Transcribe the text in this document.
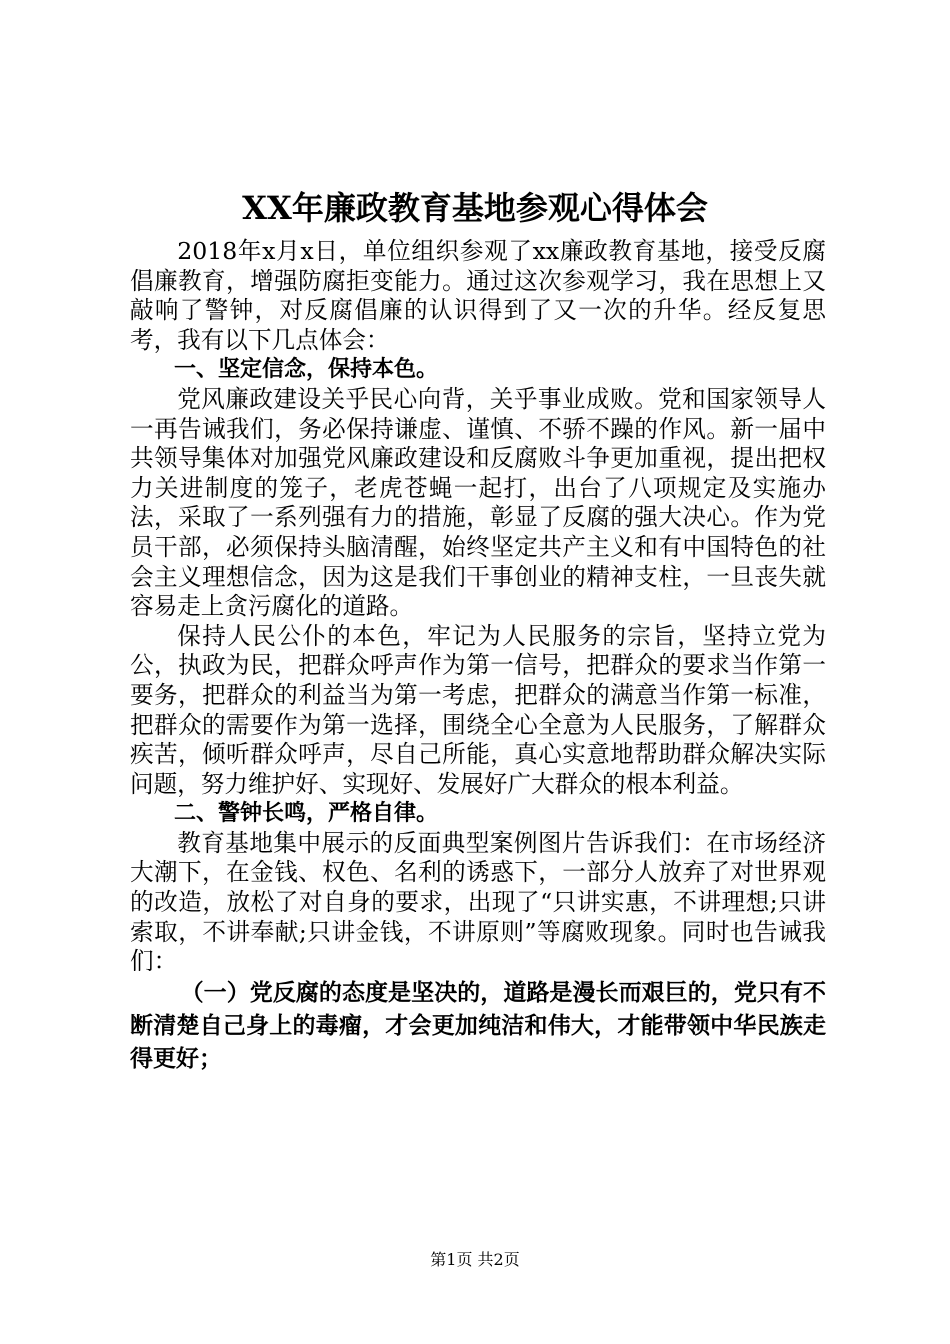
XX年廉政教育基地参观心得体会

2018年x月x日，单位组织参观了xx廉政教育基地，接受反腐倡廉教育，增强防腐拒变能力。通过这次参观学习，我在思想上又敲响了警钟，对反腐倡廉的认识得到了又一次的升华。经反复思考，我有以下几点体会：

一、坚定信念，保持本色。

党风廉政建设关乎民心向背，关乎事业成败。党和国家领导人一再告诫我们，务必保持谦虚、谨慎、不骄不躁的作风。新一届中共领导集体对加强党风廉政建设和反腐败斗争更加重视，提出把权力关进制度的笼子，老虎苍蝇一起打，出台了八项规定及实施办法，采取了一系列强有力的措施，彰显了反腐的强大决心。作为党员干部，必须保持头脑清醒，始终坚定共产主义和有中国特色的社会主义理想信念，因为这是我们干事创业的精神支柱，一旦丧失就容易走上贪污腐化的道路。

保持人民公仆的本色，牢记为人民服务的宗旨，坚持立党为公，执政为民，把群众呼声作为第一信号，把群众的要求当作第一要务，把群众的利益当为第一考虑，把群众的满意当作第一标准，把群众的需要作为第一选择，围绕全心全意为人民服务，了解群众疾苦，倾听群众呼声，尽自己所能，真心实意地帮助群众解决实际问题，努力维护好、实现好、发展好广大群众的根本利益。

二、警钟长鸣，严格自律。

教育基地集中展示的反面典型案例图片告诉我们：在市场经济大潮下，在金钱、权色、名利的诱惑下，一部分人放弃了对世界观的改造，放松了对自身的要求，出现了“只讲实惠，不讲理想;只讲索取，不讲奉献;只讲金钱，不讲原则”等腐败现象。同时也告诫我们：

（一）党反腐的态度是坚决的，道路是漫长而艰巨的，党只有不断清楚自己身上的毒瘤，才会更加纯洁和伟大，才能带领中华民族走得更好；

第1页 共2页
